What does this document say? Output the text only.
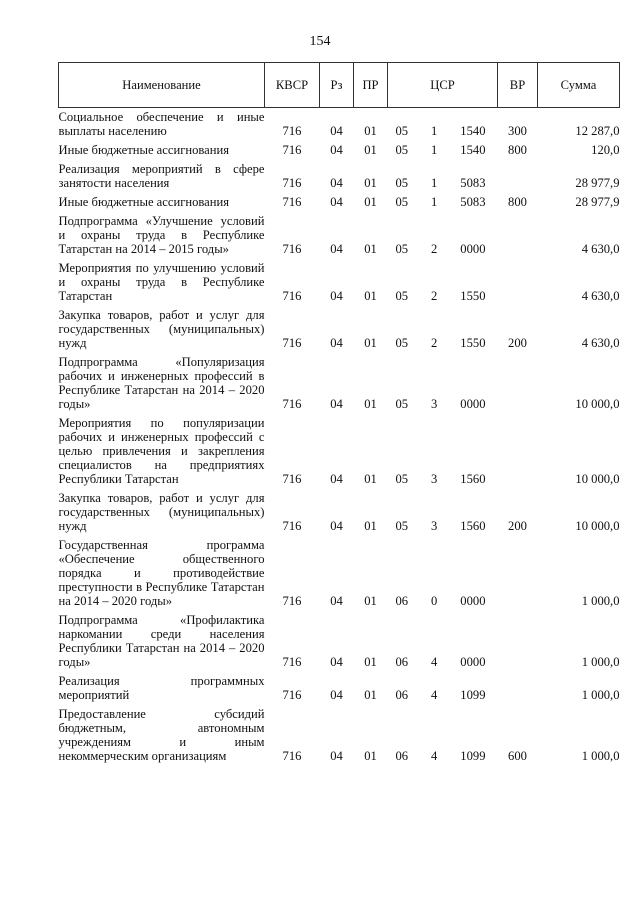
154
Наименование	КВСР	Рз	ПР	ЦСР	ВР	Сумма
Социальное обеспечение и иные выплаты населению	716	04	01	05 1 1540	300	12 287,0
Иные бюджетные ассигнования	716	04	01	05 1 1540	800	120,0
Реализация мероприятий в сфере занятости населения	716	04	01	05 1 5083		28 977,9
Иные бюджетные ассигнования	716	04	01	05 1 5083	800	28 977,9
Подпрограмма «Улучшение условий и охраны труда в Республике Татарстан на 2014 – 2015 годы»	716	04	01	05 2 0000		4 630,0
Мероприятия по улучшению условий и охраны труда в Республике Татарстан	716	04	01	05 2 1550		4 630,0
Закупка товаров, работ и услуг для государственных (муниципальных) нужд	716	04	01	05 2 1550	200	4 630,0
Подпрограмма «Популяризация рабочих и инженерных профессий в Республике Татарстан на 2014 – 2020 годы»	716	04	01	05 3 0000		10 000,0
Мероприятия по популяризации рабочих и инженерных профессий с целью привлечения и закрепления специалистов на предприятиях Республики Татарстан	716	04	01	05 3 1560		10 000,0
Закупка товаров, работ и услуг для государственных (муниципальных) нужд	716	04	01	05 3 1560	200	10 000,0
Государственная программа «Обеспечение общественного порядка и противодействие преступности в Республике Татарстан на 2014 – 2020 годы»	716	04	01	06 0 0000		1 000,0
Подпрограмма «Профилактика наркомании среди населения Республики Татарстан на 2014 – 2020 годы»	716	04	01	06 4 0000		1 000,0
Реализация программных мероприятий	716	04	01	06 4 1099		1 000,0
Предоставление субсидий бюджетным, автономным учреждениям и иным некоммерческим организациям	716	04	01	06 4 1099	600	1 000,0
